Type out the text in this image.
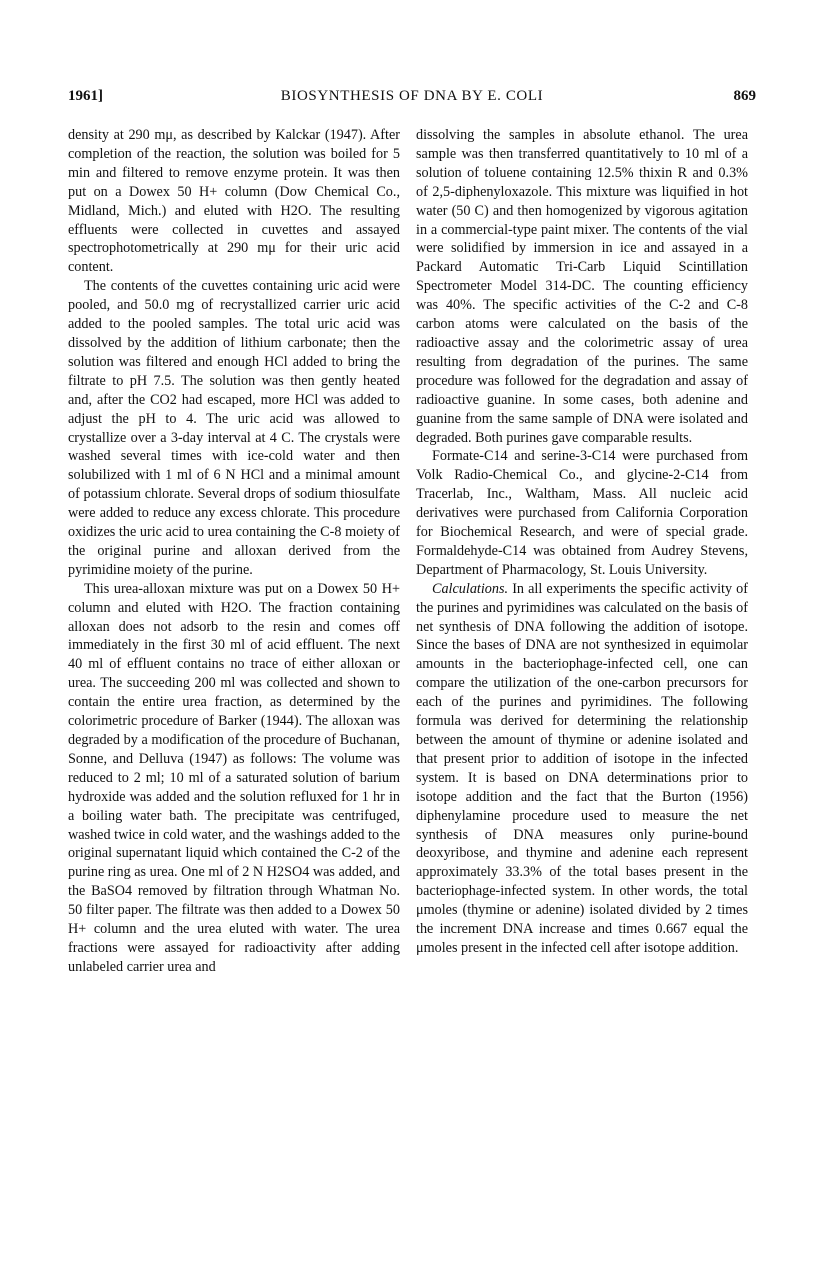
1961]	BIOSYNTHESIS OF DNA BY E. COLI	869

density at 290 mμ, as described by Kalckar (1947). After completion of the reaction, the solution was boiled for 5 min and filtered to remove enzyme protein. It was then put on a Dowex 50 H+ column (Dow Chemical Co., Midland, Mich.) and eluted with H2O. The resulting effluents were collected in cuvettes and assayed spectrophotometrically at 290 mμ for their uric acid content.

The contents of the cuvettes containing uric acid were pooled, and 50.0 mg of recrystallized carrier uric acid added to the pooled samples. The total uric acid was dissolved by the addition of lithium carbonate; then the solution was filtered and enough HCl added to bring the filtrate to pH 7.5. The solution was then gently heated and, after the CO2 had escaped, more HCl was added to adjust the pH to 4. The uric acid was allowed to crystallize over a 3-day interval at 4 C. The crystals were washed several times with ice-cold water and then solubilized with 1 ml of 6 N HCl and a minimal amount of potassium chlorate. Several drops of sodium thiosulfate were added to reduce any excess chlorate. This procedure oxidizes the uric acid to urea containing the C-8 moiety of the original purine and alloxan derived from the pyrimidine moiety of the purine.

This urea-alloxan mixture was put on a Dowex 50 H+ column and eluted with H2O. The fraction containing alloxan does not adsorb to the resin and comes off immediately in the first 30 ml of acid effluent. The next 40 ml of effluent contains no trace of either alloxan or urea. The succeeding 200 ml was collected and shown to contain the entire urea fraction, as determined by the colorimetric procedure of Barker (1944). The alloxan was degraded by a modification of the procedure of Buchanan, Sonne, and Delluva (1947) as follows: The volume was reduced to 2 ml; 10 ml of a saturated solution of barium hydroxide was added and the solution refluxed for 1 hr in a boiling water bath. The precipitate was centrifuged, washed twice in cold water, and the washings added to the original supernatant liquid which contained the C-2 of the purine ring as urea. One ml of 2 N H2SO4 was added, and the BaSO4 removed by filtration through Whatman No. 50 filter paper. The filtrate was then added to a Dowex 50 H+ column and the urea eluted with water. The urea fractions were assayed for radioactivity after adding unlabeled carrier urea and

dissolving the samples in absolute ethanol. The urea sample was then transferred quantitatively to 10 ml of a solution of toluene containing 12.5% thixin R and 0.3% of 2,5-diphenyloxazole. This mixture was liquified in hot water (50 C) and then homogenized by vigorous agitation in a commercial-type paint mixer. The contents of the vial were solidified by immersion in ice and assayed in a Packard Automatic Tri-Carb Liquid Scintillation Spectrometer Model 314-DC. The counting efficiency was 40%. The specific activities of the C-2 and C-8 carbon atoms were calculated on the basis of the radioactive assay and the colorimetric assay of urea resulting from degradation of the purines. The same procedure was followed for the degradation and assay of radioactive guanine. In some cases, both adenine and guanine from the same sample of DNA were isolated and degraded. Both purines gave comparable results.

Formate-C14 and serine-3-C14 were purchased from Volk Radio-Chemical Co., and glycine-2-C14 from Tracerlab, Inc., Waltham, Mass. All nucleic acid derivatives were purchased from California Corporation for Biochemical Research, and were of special grade. Formaldehyde-C14 was obtained from Audrey Stevens, Department of Pharmacology, St. Louis University.

Calculations. In all experiments the specific activity of the purines and pyrimidines was calculated on the basis of net synthesis of DNA following the addition of isotope. Since the bases of DNA are not synthesized in equimolar amounts in the bacteriophage-infected cell, one can compare the utilization of the one-carbon precursors for each of the purines and pyrimidines. The following formula was derived for determining the relationship between the amount of thymine or adenine isolated and that present prior to addition of isotope in the infected system. It is based on DNA determinations prior to isotope addition and the fact that the Burton (1956) diphenylamine procedure used to measure the net synthesis of DNA measures only purine-bound deoxyribose, and thymine and adenine each represent approximately 33.3% of the total bases present in the bacteriophage-infected system. In other words, the total μmoles (thymine or adenine) isolated divided by 2 times the increment DNA increase and times 0.667 equal the μmoles present in the infected cell after isotope addition.
